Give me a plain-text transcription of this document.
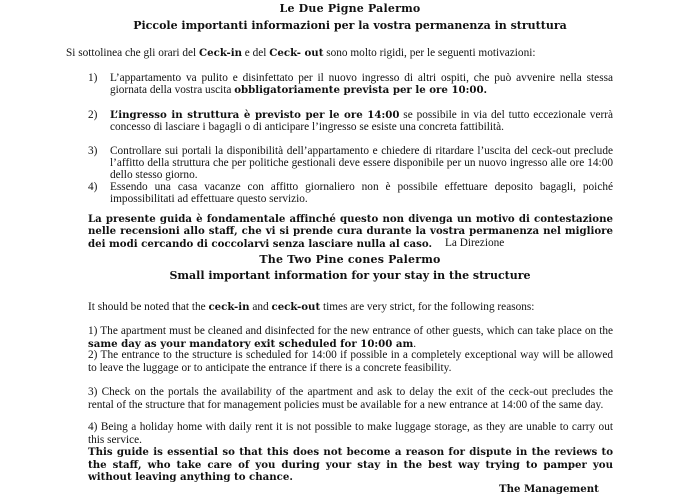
Le Due Pigne Palermo
Piccole importanti informazioni per la vostra permanenza in struttura
Si sottolinea che gli orari del Ceck-in e del Ceck- out sono molto rigidi, per le seguenti motivazioni:
1)	L’appartamento va pulito e disinfettato per il nuovo ingresso di altri ospiti, che può avvenire nella stessa giornata della vostra uscita obbligatoriamente prevista per le ore 10:00.
2)	L’ingresso in struttura è previsto per le ore 14:00 se possibile in via del tutto eccezionale verrà concesso di lasciare i bagagli o di anticipare l’ingresso se esiste una concreta fattibilità.
3)	Controllare sui portali la disponibilità dell’appartamento e chiedere di ritardare l’uscita del ceck-out preclude l’affitto della struttura che per politiche gestionali deve essere disponibile per un nuovo ingresso alle ore 14:00 dello stesso giorno.
4)	Essendo una casa vacanze con affitto giornaliero non è possibile effettuare deposito bagagli, poiché impossibilitati ad effettuare questo servizio.
La presente guida è fondamentale affinché questo non divenga un motivo di contestazione nelle recensioni allo staff, che vi si prende cura durante la vostra permanenza nel migliore dei modi cercando di coccolarvi senza lasciare nulla al caso.	La Direzione
The Two Pine cones Palermo
Small important information for your stay in the structure
It should be noted that the ceck-in and ceck-out times are very strict, for the following reasons:
1) The apartment must be cleaned and disinfected for the new entrance of other guests, which can take place on the same day as your mandatory exit scheduled for 10:00 am.
2) The entrance to the structure is scheduled for 14:00 if possible in a completely exceptional way will be allowed to leave the luggage or to anticipate the entrance if there is a concrete feasibility.
3) Check on the portals the availability of the apartment and ask to delay the exit of the ceck-out precludes the rental of the structure that for management policies must be available for a new entrance at 14:00 of the same day.
4) Being a holiday home with daily rent it is not possible to make luggage storage, as they are unable to carry out this service.
This guide is essential so that this does not become a reason for dispute in the reviews to the staff, who take care of you during your stay in the best way trying to pamper you without leaving anything to chance.
The Management
